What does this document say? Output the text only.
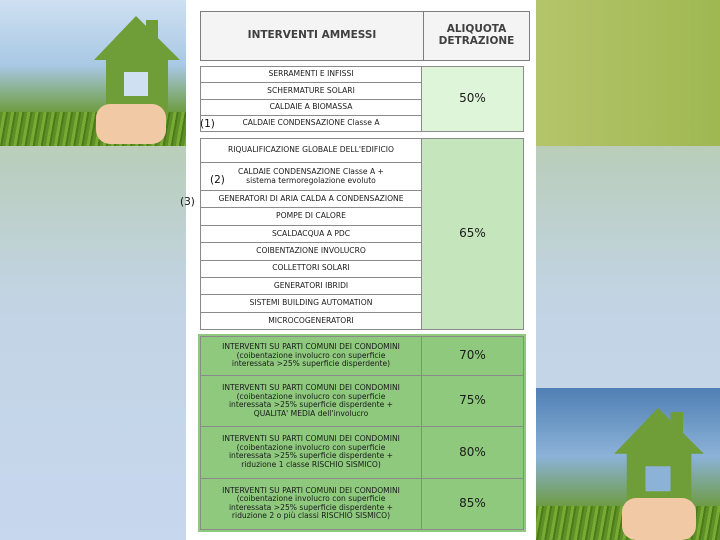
INTERVENTI AMMESSI	ALIQUOTA
DETRAZIONE
SERRAMENTI E INFISSI	50%
SCHERMATURE SOLARI
CALDAIE A BIOMASSA
CALDAIE CONDENSAZIONE Classe A
RIQUALIFICAZIONE GLOBALE DELL'EDIFICIO	65%
CALDAIE CONDENSAZIONE Classe A +
sistema termoregolazione evoluto
GENERATORI DI ARIA CALDA A CONDENSAZIONE
POMPE DI CALORE
SCALDACQUA A PDC
COIBENTAZIONE INVOLUCRO
COLLETTORI SOLARI
GENERATORI IBRIDI
SISTEMI BUILDING AUTOMATION
MICROCOGENERATORI
INTERVENTI SU PARTI COMUNI DEI CONDOMINI
(coibentazione involucro con superficie
interessata >25% superficie disperdente)	70%
INTERVENTI SU PARTI COMUNI DEI CONDOMINI
(coibentazione involucro con superficie
interessata >25% superficie disperdente +
QUALITA' MEDIA dell'involucro	75%
INTERVENTI SU PARTI COMUNI DEI CONDOMINI
(coibentazione involucro con superficie
interessata >25% superficie disperdente +
riduzione 1 classe RISCHIO SISMICO)	80%
INTERVENTI SU PARTI COMUNI DEI CONDOMINI
(coibentazione involucro con superficie
interessata >25% superficie disperdente +
riduzione 2 o più classi RISCHIO SISMICO)	85%
(1)
(2)
(3)
